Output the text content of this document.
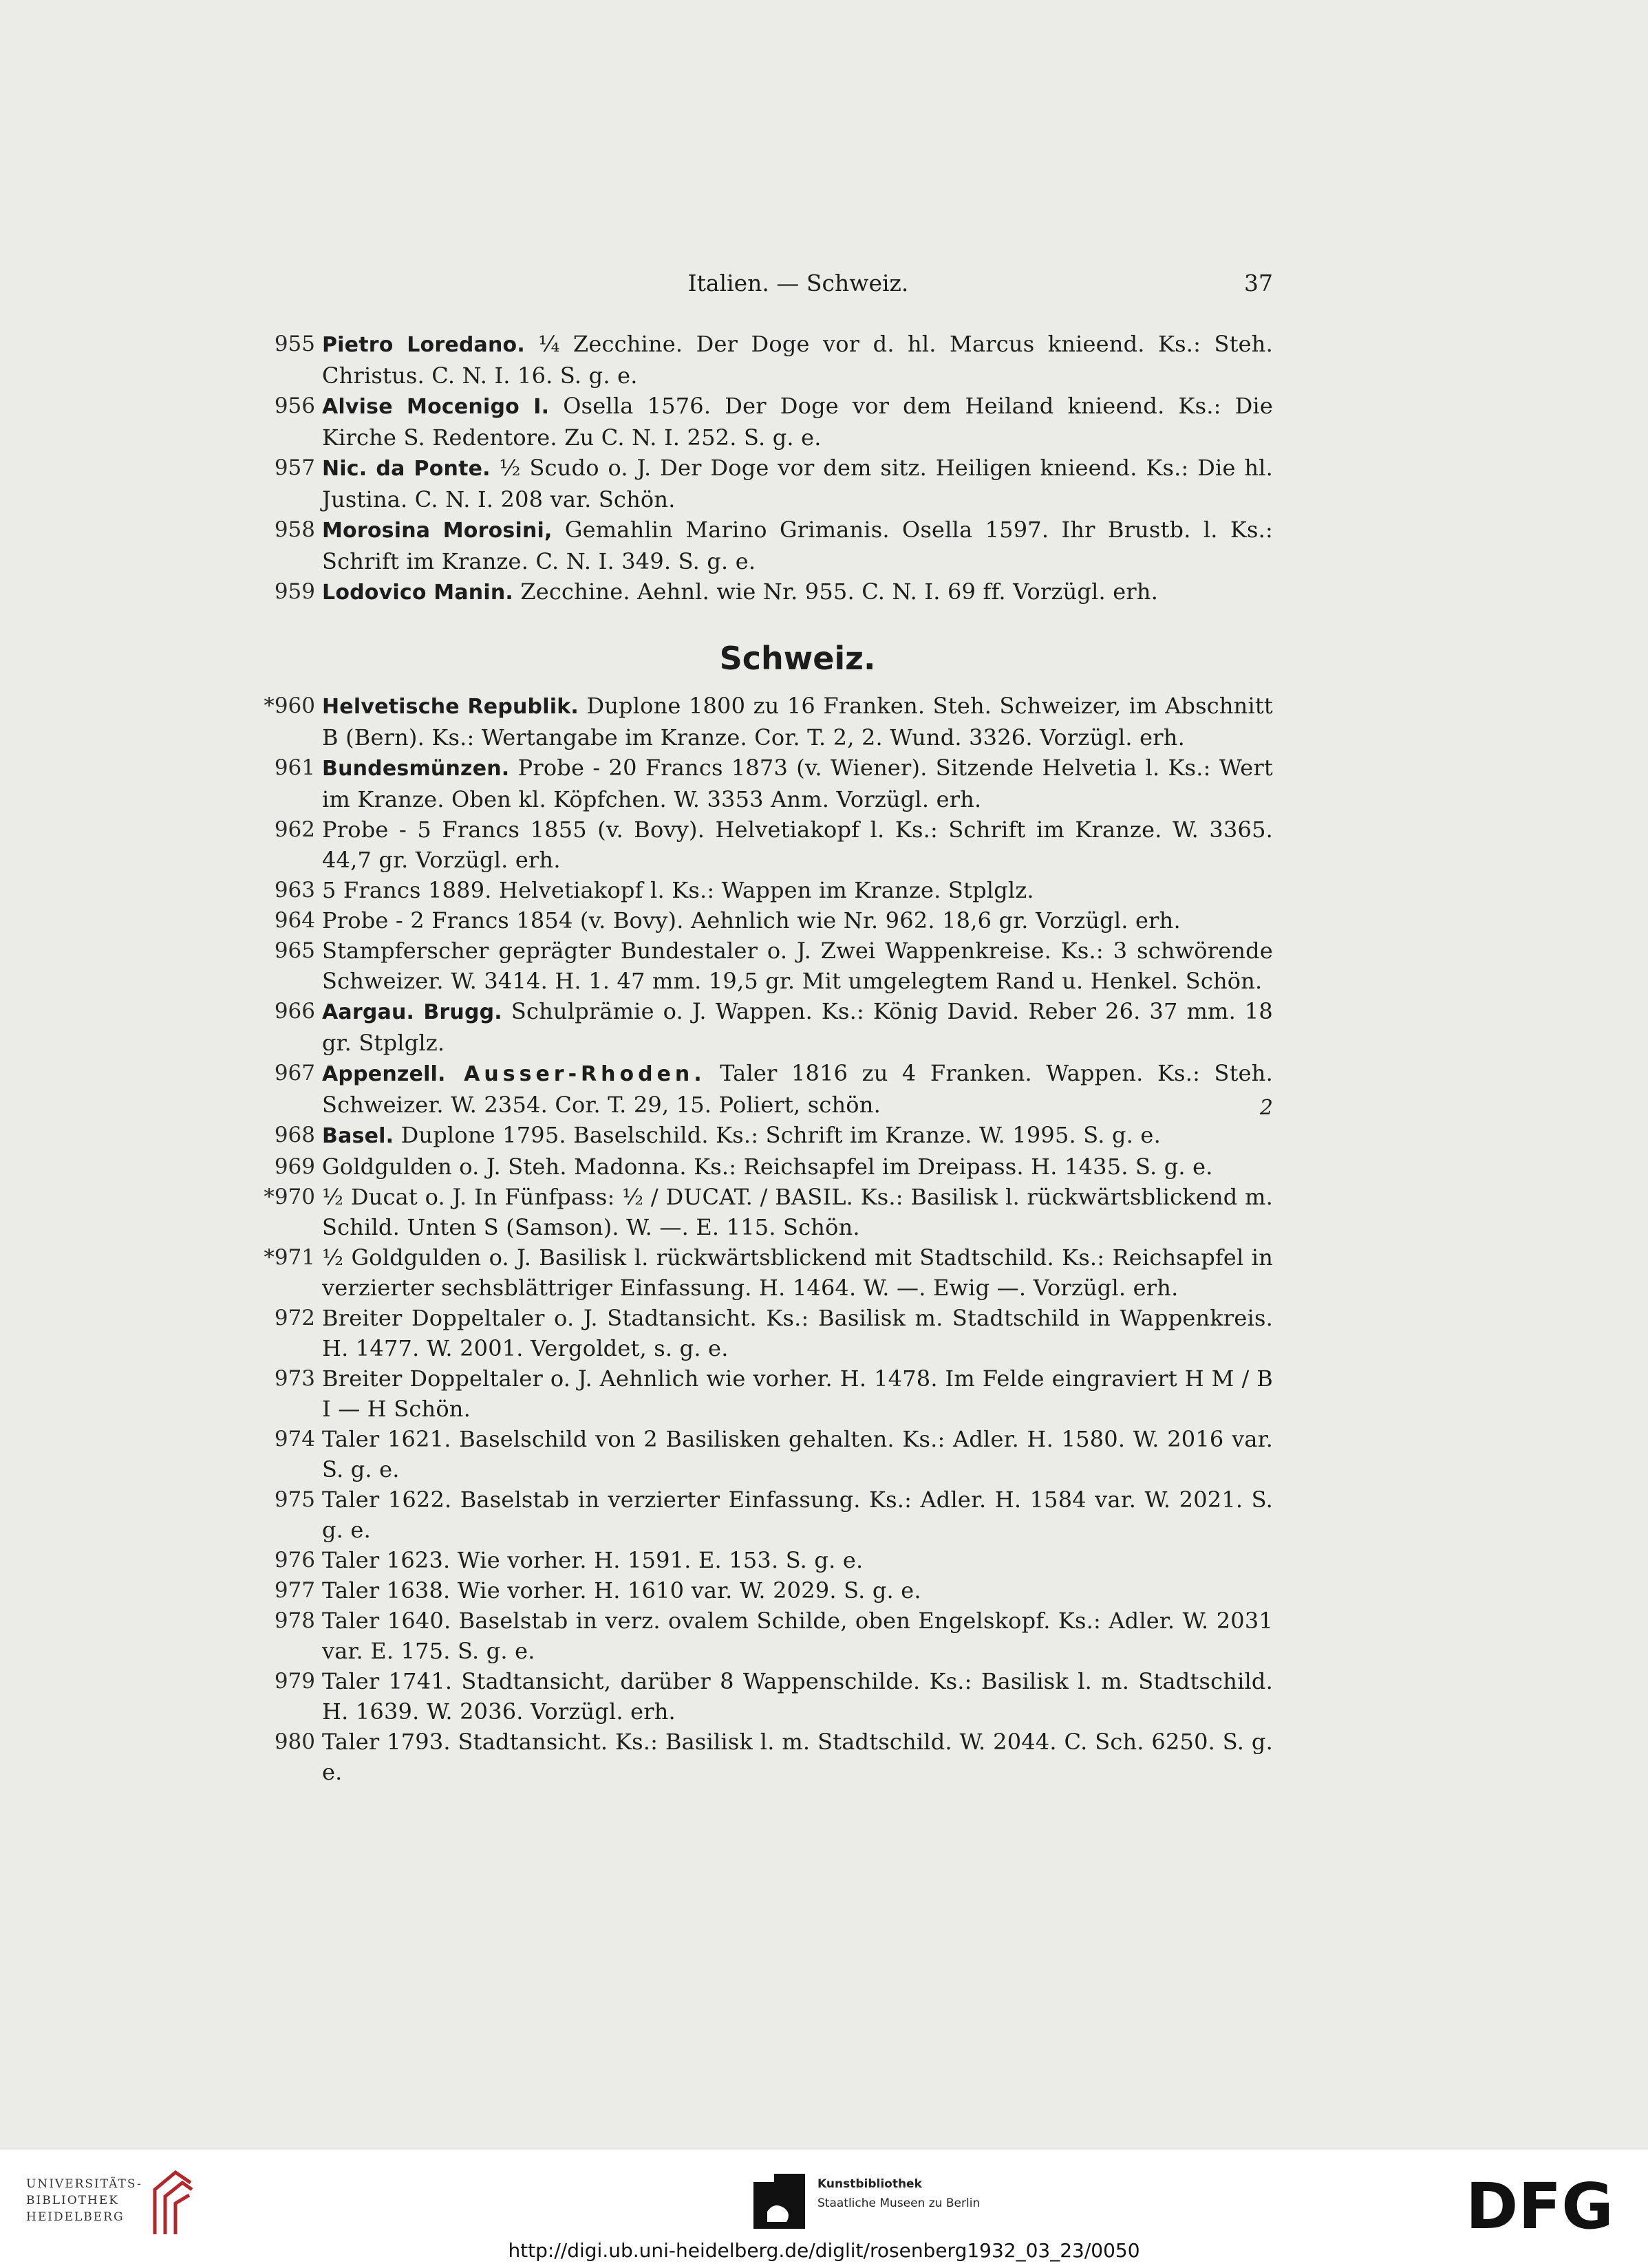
Italien. — Schweiz.	37
955 Pietro Loredano. ¼ Zecchine. Der Doge vor d. hl. Marcus knieend. Ks.: Steh. Christus. C. N. I. 16. S. g. e.
956 Alvise Mocenigo I. Osella 1576. Der Doge vor dem Heiland knieend. Ks.: Die Kirche S. Redentore. Zu C. N. I. 252. S. g. e.
957 Nic. da Ponte. ½ Scudo o. J. Der Doge vor dem sitz. Heiligen knieend. Ks.: Die hl. Justina. C. N. I. 208 var. Schön.
958 Morosina Morosini, Gemahlin Marino Grimanis. Osella 1597. Ihr Brustb. l. Ks.: Schrift im Kranze. C. N. I. 349. S. g. e.
959 Lodovico Manin. Zecchine. Aehnl. wie Nr. 955. C. N. I. 69 ff. Vorzügl. erh.
Schweiz.
*960 Helvetische Republik. Duplone 1800 zu 16 Franken. Steh. Schweizer, im Abschnitt B (Bern). Ks.: Wertangabe im Kranze. Cor. T. 2, 2. Wund. 3326. Vorzügl. erh.
961 Bundesmünzen. Probe - 20 Francs 1873 (v. Wiener). Sitzende Helvetia l. Ks.: Wert im Kranze. Oben kl. Köpfchen. W. 3353 Anm. Vorzügl. erh.
962 Probe - 5 Francs 1855 (v. Bovy). Helvetiakopf l. Ks.: Schrift im Kranze. W. 3365. 44,7 gr. Vorzügl. erh.
963 5 Francs 1889. Helvetiakopf l. Ks.: Wappen im Kranze. Stplglz.
964 Probe - 2 Francs 1854 (v. Bovy). Aehnlich wie Nr. 962. 18,6 gr. Vorzügl. erh.
965 Stampferscher geprägter Bundestaler o. J. Zwei Wappenkreise. Ks.: 3 schwörende Schweizer. W. 3414. H. 1. 47 mm. 19,5 gr. Mit umgelegtem Rand u. Henkel. Schön.
966 Aargau. Brugg. Schulprämie o. J. Wappen. Ks.: König David. Reber 26. 37 mm. 18 gr. Stplglz.
967 Appenzell. Ausser-Rhoden. Taler 1816 zu 4 Franken. Wappen. Ks.: Steh. Schweizer. W. 2354. Cor. T. 29, 15. Poliert, schön.	2
968 Basel. Duplone 1795. Baselschild. Ks.: Schrift im Kranze. W. 1995. S. g. e.
969 Goldgulden o. J. Steh. Madonna. Ks.: Reichsapfel im Dreipass. H. 1435. S. g. e.
*970 ½ Ducat o. J. In Fünfpass: ½ / DUCAT. / BASIL. Ks.: Basilisk l. rückwärtsblickend m. Schild. Unten S (Samson). W. —. E. 115. Schön.
*971 ½ Goldgulden o. J. Basilisk l. rückwärtsblickend mit Stadtschild. Ks.: Reichsapfel in verzierter sechsblättriger Einfassung. H. 1464. W. —. Ewig —. Vorzügl. erh.
972 Breiter Doppeltaler o. J. Stadtansicht. Ks.: Basilisk m. Stadtschild in Wappenkreis. H. 1477. W. 2001. Vergoldet, s. g. e.
973 Breiter Doppeltaler o. J. Aehnlich wie vorher. H. 1478. Im Felde eingraviert H M / B I — H Schön.
974 Taler 1621. Baselschild von 2 Basilisken gehalten. Ks.: Adler. H. 1580. W. 2016 var. S. g. e.
975 Taler 1622. Baselstab in verzierter Einfassung. Ks.: Adler. H. 1584 var. W. 2021. S. g. e.
976 Taler 1623. Wie vorher. H. 1591. E. 153. S. g. e.
977 Taler 1638. Wie vorher. H. 1610 var. W. 2029. S. g. e.
978 Taler 1640. Baselstab in verz. ovalem Schilde, oben Engelskopf. Ks.: Adler. W. 2031 var. E. 175. S. g. e.
979 Taler 1741. Stadtansicht, darüber 8 Wappenschilde. Ks.: Basilisk l. m. Stadtschild. H. 1639. W. 2036. Vorzügl. erh.
980 Taler 1793. Stadtansicht. Ks.: Basilisk l. m. Stadtschild. W. 2044. C. Sch. 6250. S. g. e.
UNIVERSITÄTS-
BIBLIOTHEK
HEIDELBERG
Kunstbibliothek
Staatliche Museen zu Berlin	DFG
http://digi.ub.uni-heidelberg.de/diglit/rosenberg1932_03_23/0050
